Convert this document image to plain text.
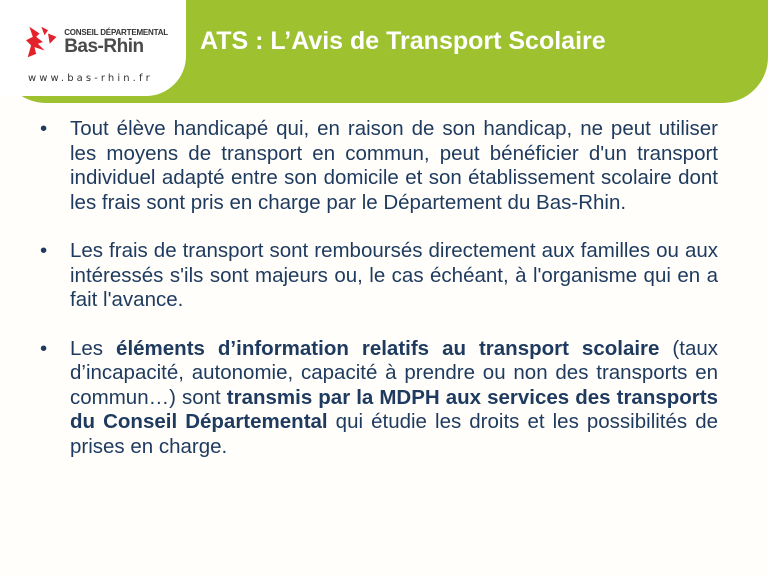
CONSEIL DÉPARTEMENTAL
Bas-Rhin
www.bas-rhin.fr
ATS : L’Avis de Transport Scolaire
• Tout élève handicapé qui, en raison de son handicap, ne peut utiliser les moyens de transport en commun, peut bénéficier d'un transport individuel adapté entre son domicile et son établissement scolaire dont les frais sont pris en charge par le Département du Bas-Rhin.
• Les frais de transport sont remboursés directement aux familles ou aux intéressés s'ils sont majeurs ou, le cas échéant, à l'organisme qui en a fait l'avance.
• Les éléments d’information relatifs au transport scolaire (taux d’incapacité, autonomie, capacité à prendre ou non des transports en commun…) sont transmis par la MDPH aux services des transports du Conseil Départemental qui étudie les droits et les possibilités de prises en charge.
